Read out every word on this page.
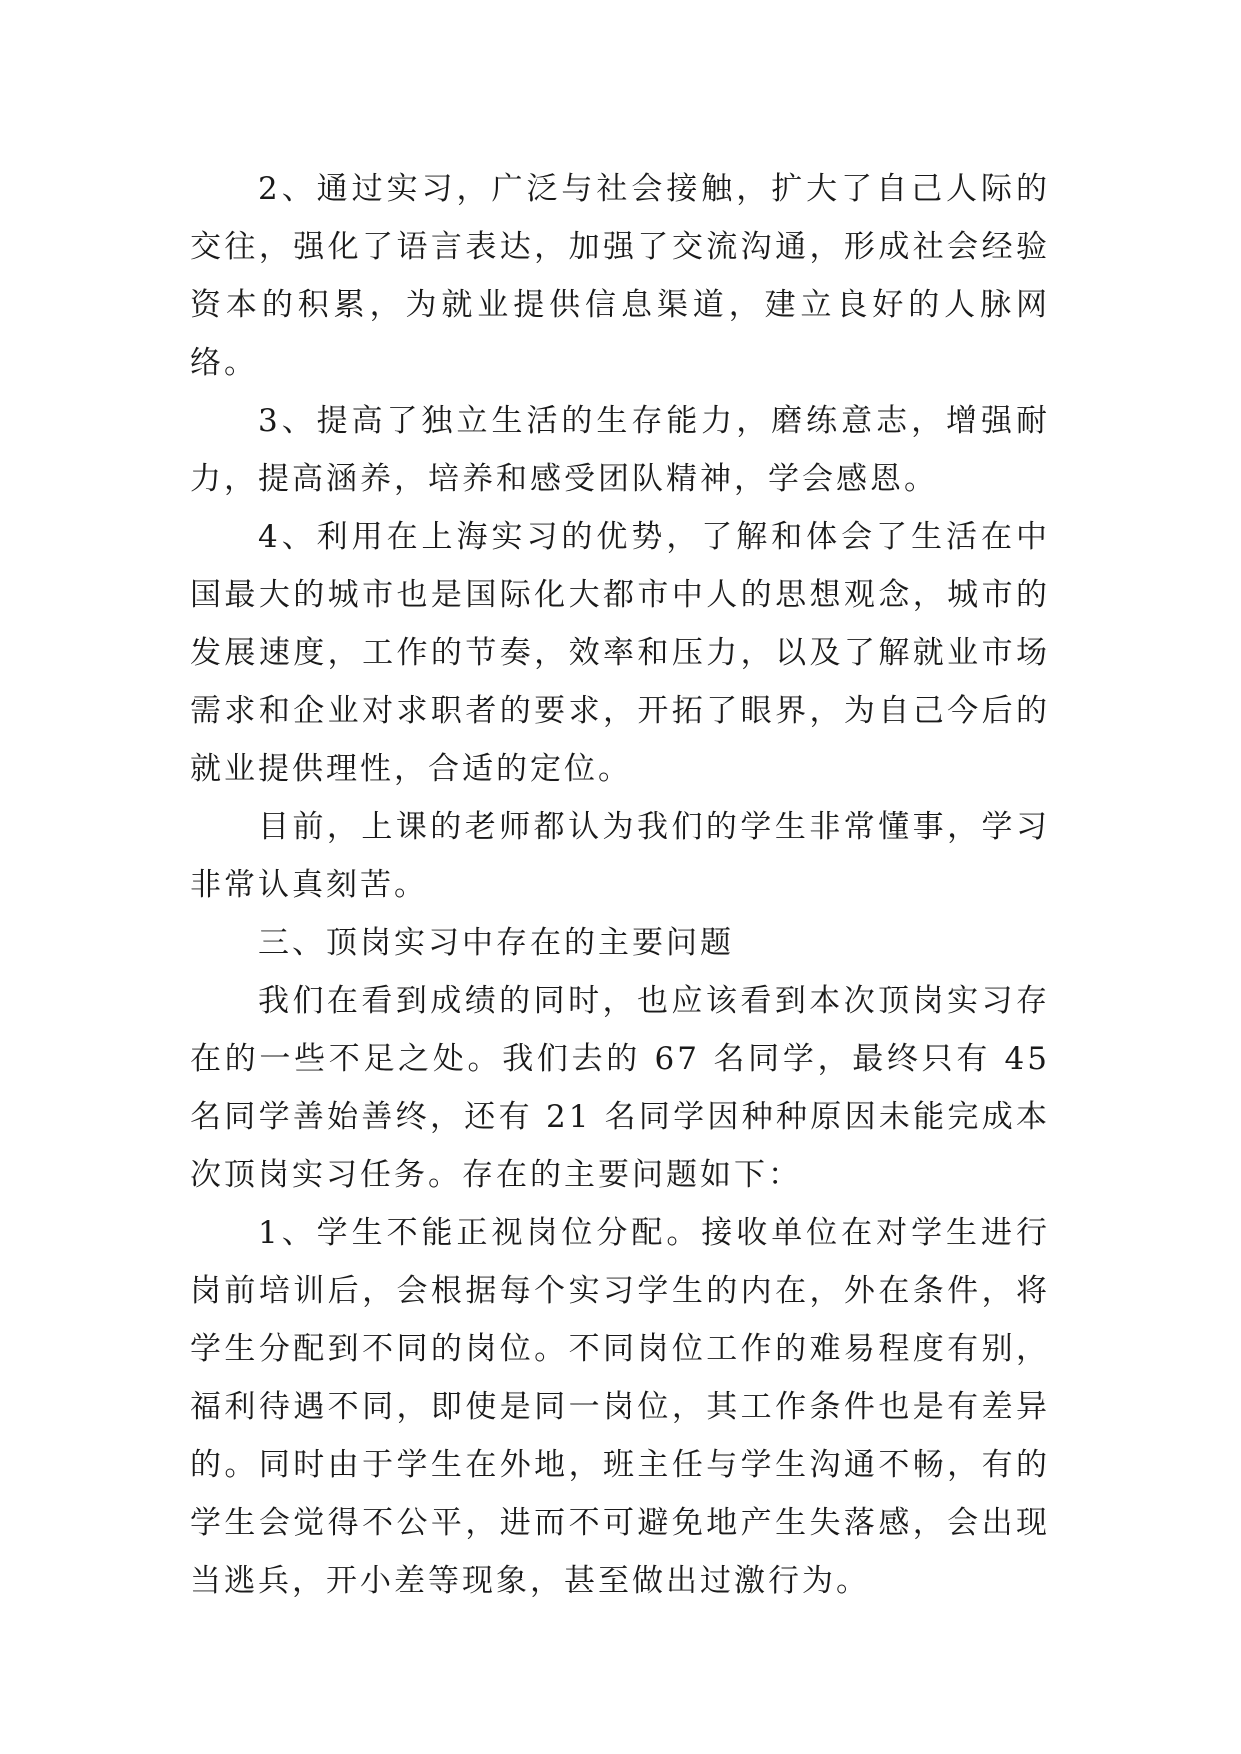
2、通过实习，广泛与社会接触，扩大了自己人际的交往，强化了语言表达，加强了交流沟通，形成社会经验资本的积累，为就业提供信息渠道，建立良好的人脉网络。

3、提高了独立生活的生存能力，磨练意志，增强耐力，提高涵养，培养和感受团队精神，学会感恩。

4、利用在上海实习的优势，了解和体会了生活在中国最大的城市也是国际化大都市中人的思想观念，城市的发展速度，工作的节奏，效率和压力，以及了解就业市场需求和企业对求职者的要求，开拓了眼界，为自己今后的就业提供理性，合适的定位。

目前，上课的老师都认为我们的学生非常懂事，学习非常认真刻苦。

三、顶岗实习中存在的主要问题

我们在看到成绩的同时，也应该看到本次顶岗实习存在的一些不足之处。我们去的 67 名同学，最终只有 45 名同学善始善终，还有 21 名同学因种种原因未能完成本次顶岗实习任务。存在的主要问题如下：

1、学生不能正视岗位分配。接收单位在对学生进行岗前培训后，会根据每个实习学生的内在，外在条件，将学生分配到不同的岗位。不同岗位工作的难易程度有别，福利待遇不同，即使是同一岗位，其工作条件也是有差异的。同时由于学生在外地，班主任与学生沟通不畅，有的学生会觉得不公平，进而不可避免地产生失落感，会出现当逃兵，开小差等现象，甚至做出过激行为。
